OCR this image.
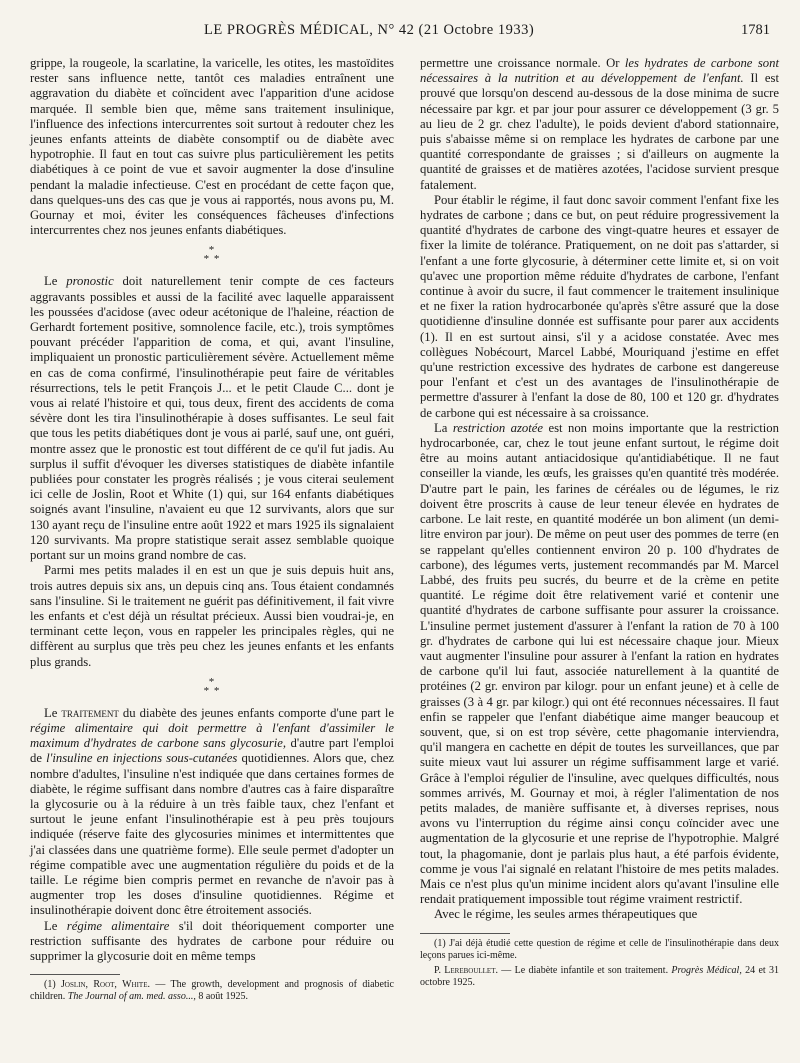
LE PROGRÈS MÉDICAL, N° 42 (21 Octobre 1933)	1781

grippe, la rougeole, la scarlatine, la varicelle, les otites, les mastoïdites rester sans influence nette, tantôt ces maladies entraînent une aggravation du diabète et coïncident avec l'apparition d'une acidose marquée. Il semble bien que, même sans traitement insulinique, l'influence des infections intercurrentes soit surtout à redouter chez les jeunes enfants atteints de diabète consomptif ou de diabète avec hypotrophie. Il faut en tout cas suivre plus particulièrement les petits diabétiques à ce point de vue et savoir augmenter la dose d'insuline pendant la maladie infectieuse. C'est en procédant de cette façon que, dans quelques-uns des cas que je vous ai rapportés, nous avons pu, M. Gournay et moi, éviter les conséquences fâcheuses d'infections intercurrentes chez nos jeunes enfants diabétiques.

*
* *

Le pronostic doit naturellement tenir compte de ces facteurs aggravants possibles et aussi de la facilité avec laquelle apparaissent les poussées d'acidose (avec odeur acétonique de l'haleine, réaction de Gerhardt fortement positive, somnolence facile, etc.), trois symptômes pouvant précéder l'apparition de coma, et qui, avant l'insuline, impliquaient un pronostic particulièrement sévère. Actuellement même en cas de coma confirmé, l'insulinothérapie peut faire de véritables résurrections, tels le petit François J... et le petit Claude C... dont je vous ai relaté l'histoire et qui, tous deux, firent des accidents de coma sévère dont les tira l'insulinothérapie à doses suffisantes. Le seul fait que tous les petits diabétiques dont je vous ai parlé, sauf une, ont guéri, montre assez que le pronostic est tout différent de ce qu'il fut jadis. Au surplus il suffit d'évoquer les diverses statistiques de diabète infantile publiées pour constater les progrès réalisés ; je vous citerai seulement ici celle de Joslin, Root et White (1) qui, sur 164 enfants diabétiques soignés avant l'insuline, n'avaient eu que 12 survivants, alors que sur 130 ayant reçu de l'insuline entre août 1922 et mars 1925 ils signalaient 120 survivants. Ma propre statistique serait assez semblable quoique portant sur un moins grand nombre de cas.

Parmi mes petits malades il en est un que je suis depuis huit ans, trois autres depuis six ans, un depuis cinq ans. Tous étaient condamnés sans l'insuline. Si le traitement ne guérit pas définitivement, il fait vivre les enfants et c'est déjà un résultat précieux. Aussi bien voudrai-je, en terminant cette leçon, vous en rappeler les principales règles, qui ne diffèrent au surplus que très peu chez les jeunes enfants et les enfants plus grands.

*
* *

Le traitement du diabète des jeunes enfants comporte d'une part le régime alimentaire qui doit permettre à l'enfant d'assimiler le maximum d'hydrates de carbone sans glycosurie, d'autre part l'emploi de l'insuline en injections sous-cutanées quotidiennes. Alors que, chez nombre d'adultes, l'insuline n'est indiquée que dans certaines formes de diabète, le régime suffisant dans nombre d'autres cas à faire disparaître la glycosurie ou à la réduire à un très faible taux, chez l'enfant et surtout le jeune enfant l'insulinothérapie est à peu près toujours indiquée (réserve faite des glycosuries minimes et intermittentes que j'ai classées dans une quatrième forme). Elle seule permet d'adopter un régime compatible avec une augmentation régulière du poids et de la taille. Le régime bien compris permet en revanche de n'avoir pas à augmenter trop les doses d'insuline quotidiennes. Régime et insulinothérapie doivent donc être étroitement associés.

Le régime alimentaire s'il doit théoriquement comporter une restriction suffisante des hydrates de carbone pour réduire ou supprimer la glycosurie doit en même temps

(1) Joslin, Root, White. — The growth, development and prognosis of diabetic children. The Journal of am. med. asso..., 8 août 1925.

permettre une croissance normale. Or les hydrates de carbone sont nécessaires à la nutrition et au développement de l'enfant. Il est prouvé que lorsqu'on descend au-dessous de la dose minima de sucre nécessaire par kgr. et par jour pour assurer ce développement (3 gr. 5 au lieu de 2 gr. chez l'adulte), le poids devient d'abord stationnaire, puis s'abaisse même si on remplace les hydrates de carbone par une quantité correspondante de graisses ; si d'ailleurs on augmente la quantité de graisses et de matières azotées, l'acidose survient presque fatalement.

Pour établir le régime, il faut donc savoir comment l'enfant fixe les hydrates de carbone ; dans ce but, on peut réduire progressivement la quantité d'hydrates de carbone des vingt-quatre heures et essayer de fixer la limite de tolérance. Pratiquement, on ne doit pas s'attarder, si l'enfant a une forte glycosurie, à déterminer cette limite et, si on voit qu'avec une proportion même réduite d'hydrates de carbone, l'enfant continue à avoir du sucre, il faut commencer le traitement insulinique et ne fixer la ration hydrocarbonée qu'après s'être assuré que la dose quotidienne d'insuline donnée est suffisante pour parer aux accidents (1). Il en est surtout ainsi, s'il y a acidose constatée. Avec mes collègues Nobécourt, Marcel Labbé, Mouriquand j'estime en effet qu'une restriction excessive des hydrates de carbone est dangereuse pour l'enfant et c'est un des avantages de l'insulinothérapie de permettre d'assurer à l'enfant la dose de 80, 100 et 120 gr. d'hydrates de carbone qui est nécessaire à sa croissance.

La restriction azotée est non moins importante que la restriction hydrocarbonée, car, chez le tout jeune enfant surtout, le régime doit être au moins autant antiacidosique qu'antidiabétique. Il ne faut conseiller la viande, les œufs, les graisses qu'en quantité très modérée. D'autre part le pain, les farines de céréales ou de légumes, le riz doivent être proscrits à cause de leur teneur élevée en hydrates de carbone. Le lait reste, en quantité modérée un bon aliment (un demi-litre environ par jour). De même on peut user des pommes de terre (en se rappelant qu'elles contiennent environ 20 p. 100 d'hydrates de carbone), des légumes verts, justement recommandés par M. Marcel Labbé, des fruits peu sucrés, du beurre et de la crème en petite quantité. Le régime doit être relativement varié et contenir une quantité d'hydrates de carbone suffisante pour assurer la croissance. L'insuline permet justement d'assurer à l'enfant la ration de 70 à 100 gr. d'hydrates de carbone qui lui est nécessaire chaque jour. Mieux vaut augmenter l'insuline pour assurer à l'enfant la ration en hydrates de carbone qu'il lui faut, associée naturellement à la quantité de protéines (2 gr. environ par kilogr. pour un enfant jeune) et à celle de graisses (3 à 4 gr. par kilogr.) qui ont été reconnues nécessaires. Il faut enfin se rappeler que l'enfant diabétique aime manger beaucoup et souvent, que, si on est trop sévère, cette phagomanie interviendra, qu'il mangera en cachette en dépit de toutes les surveillances, que par suite mieux vaut lui assurer un régime suffisamment large et varié. Grâce à l'emploi régulier de l'insuline, avec quelques difficultés, nous sommes arrivés, M. Gournay et moi, à régler l'alimentation de nos petits malades, de manière suffisante et, à diverses reprises, nous avons vu l'interruption du régime ainsi conçu coïncider avec une augmentation de la glycosurie et une reprise de l'hypotrophie. Malgré tout, la phagomanie, dont je parlais plus haut, a été parfois évidente, comme je vous l'ai signalé en relatant l'histoire de mes petits malades. Mais ce n'est plus qu'un minime incident alors qu'avant l'insuline elle rendait pratiquement impossible tout régime vraiment restrictif.

Avec le régime, les seules armes thérapeutiques que

(1) J'ai déjà étudié cette question de régime et celle de l'insulinothérapie dans deux leçons parues ici-même.

P. Lereboullet. — Le diabète infantile et son traitement. Progrès Médical, 24 et 31 octobre 1925.
